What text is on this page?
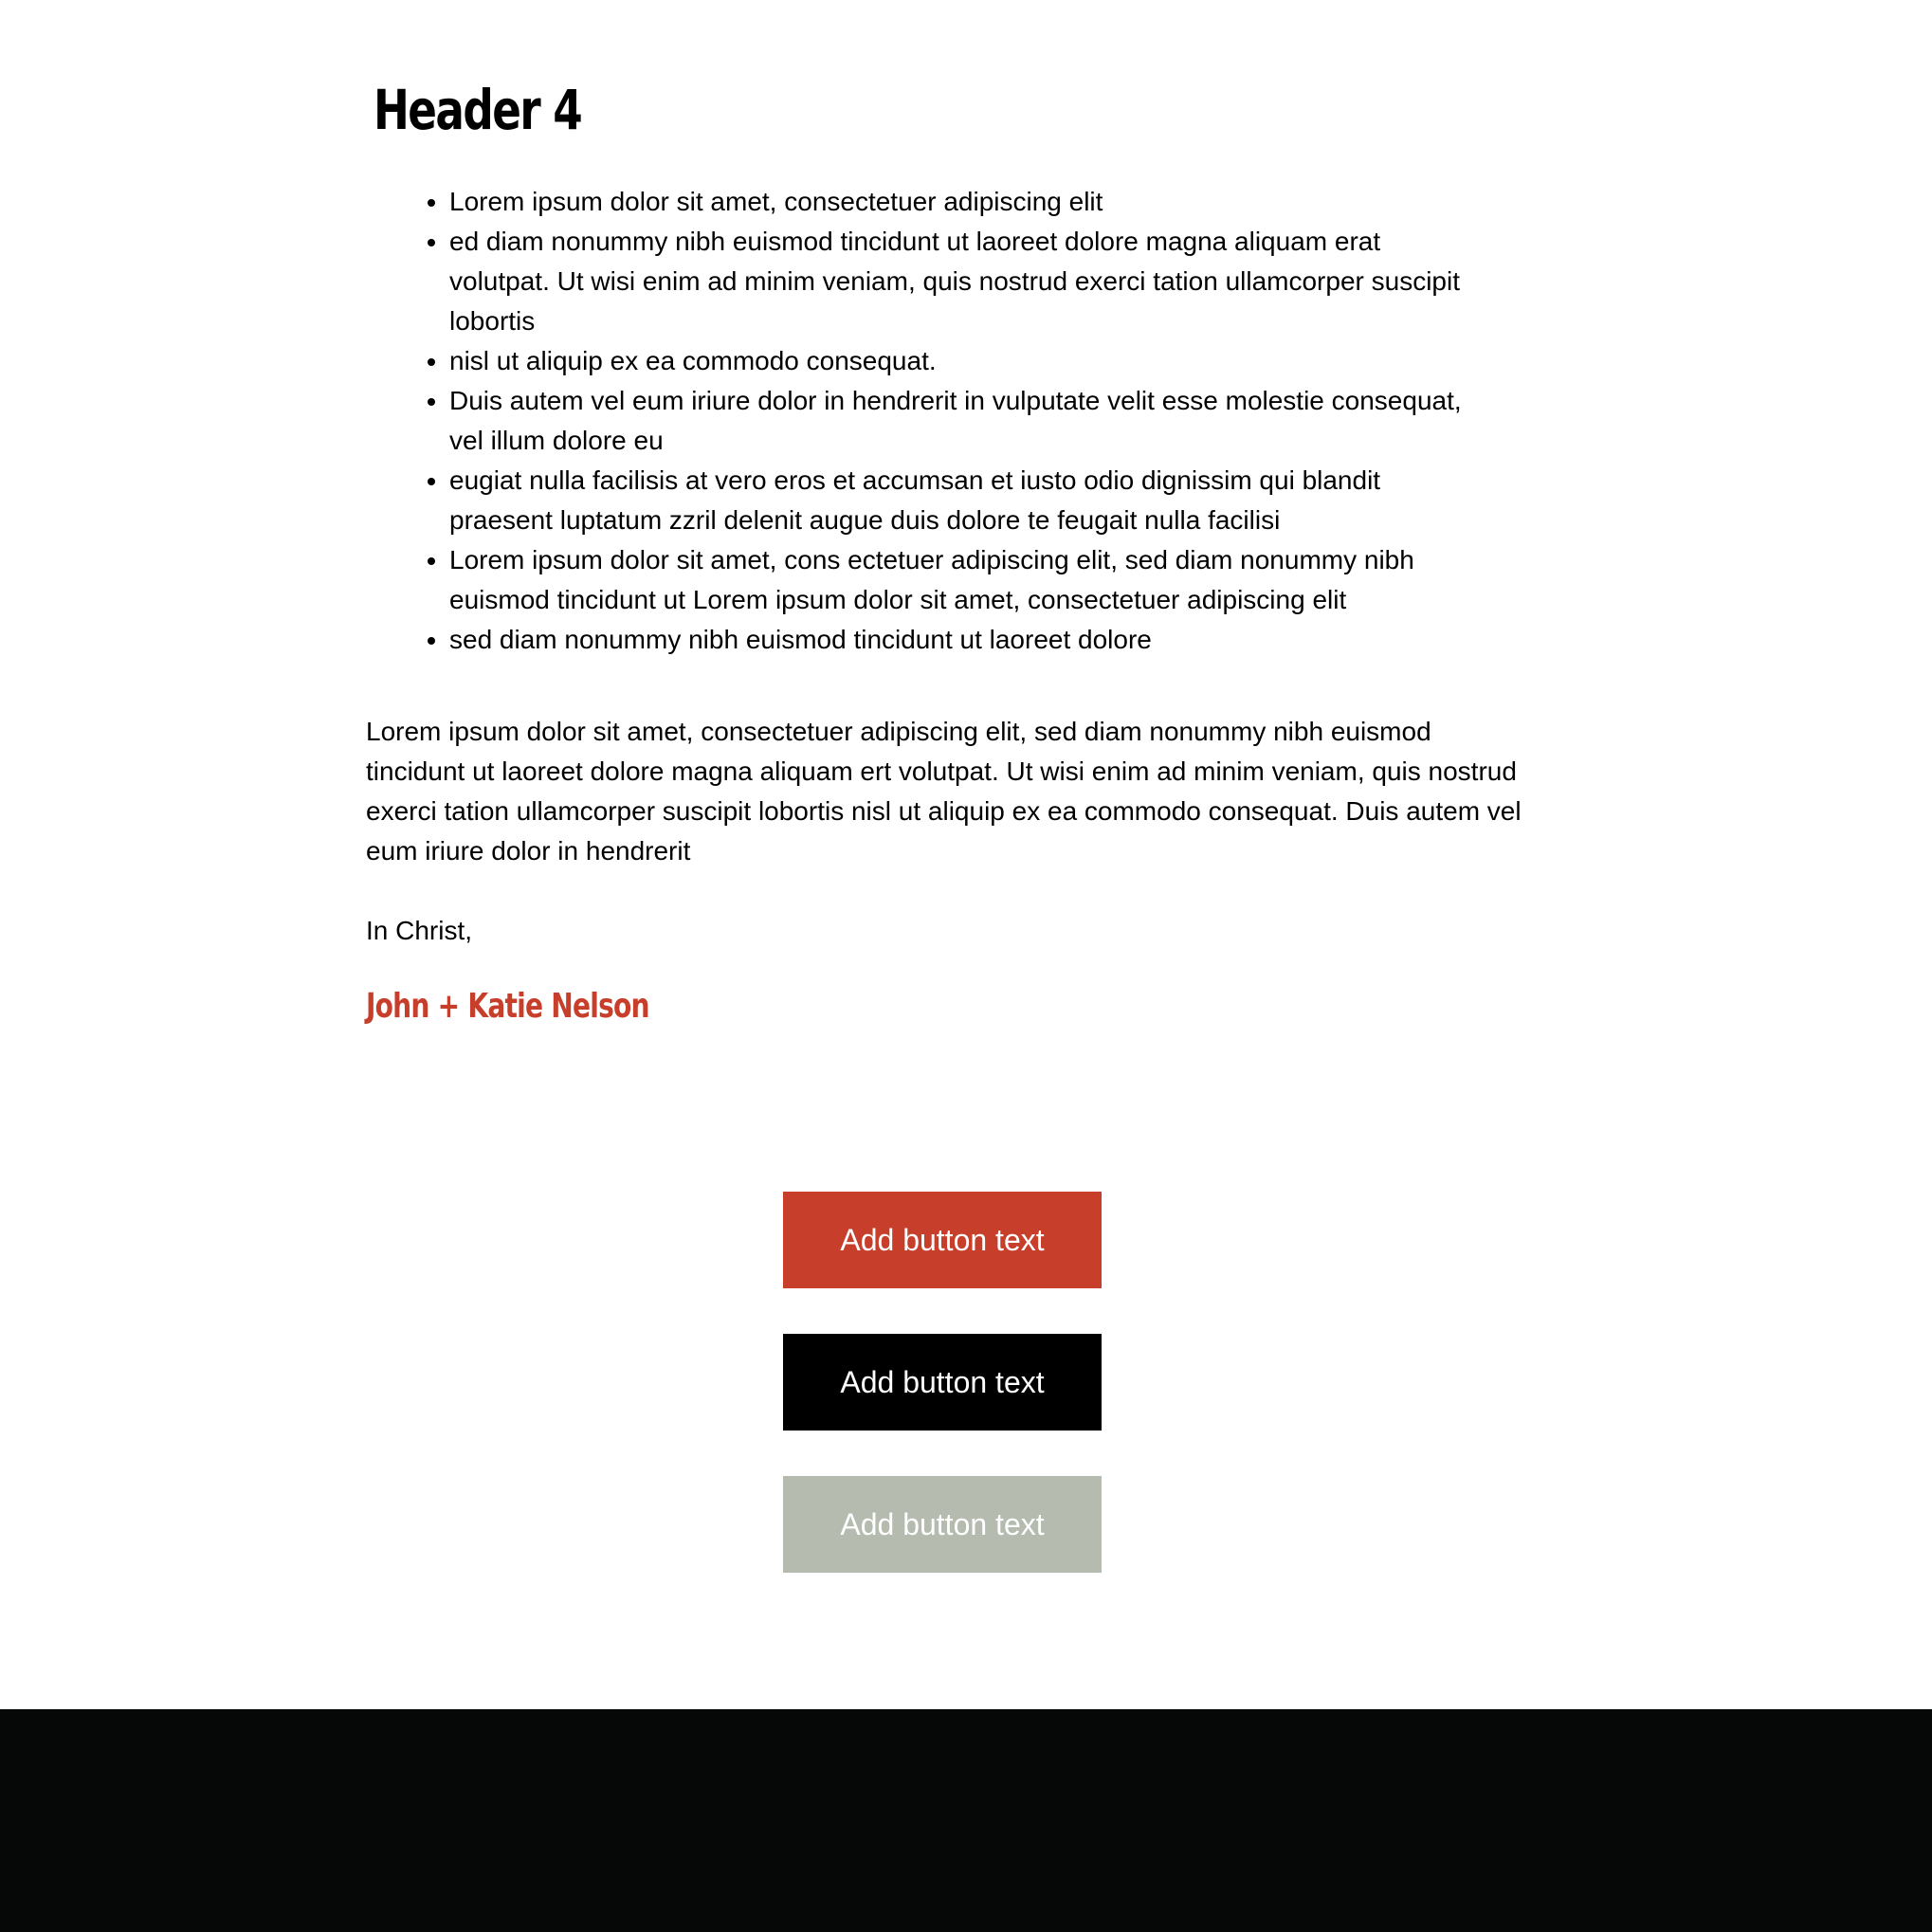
Header 4
• Lorem ipsum dolor sit amet, consectetuer adipiscing elit
• ed diam nonummy nibh euismod tincidunt ut laoreet dolore magna aliquam erat volutpat. Ut wisi enim ad minim veniam, quis nostrud exerci tation ullamcorper suscipit lobortis
• nisl ut aliquip ex ea commodo consequat.
• Duis autem vel eum iriure dolor in hendrerit in vulputate velit esse molestie consequat, vel illum dolore eu
• eugiat nulla facilisis at vero eros et accumsan et iusto odio dignissim qui blandit praesent luptatum zzril delenit augue duis dolore te feugait nulla facilisi
• Lorem ipsum dolor sit amet, cons ectetuer adipiscing elit, sed diam nonummy nibh euismod tincidunt ut Lorem ipsum dolor sit amet, consectetuer adipiscing elit
• sed diam nonummy nibh euismod tincidunt ut laoreet dolore

Lorem ipsum dolor sit amet, consectetuer adipiscing elit, sed diam nonummy nibh euismod tincidunt ut laoreet dolore magna aliquam ert volutpat. Ut wisi enim ad minim veniam, quis nostrud exerci tation ullamcorper suscipit lobortis nisl ut aliquip ex ea commodo consequat. Duis autem vel eum iriure dolor in hendrerit

In Christ,

John + Katie Nelson

Add button text
Add button text
Add button text
